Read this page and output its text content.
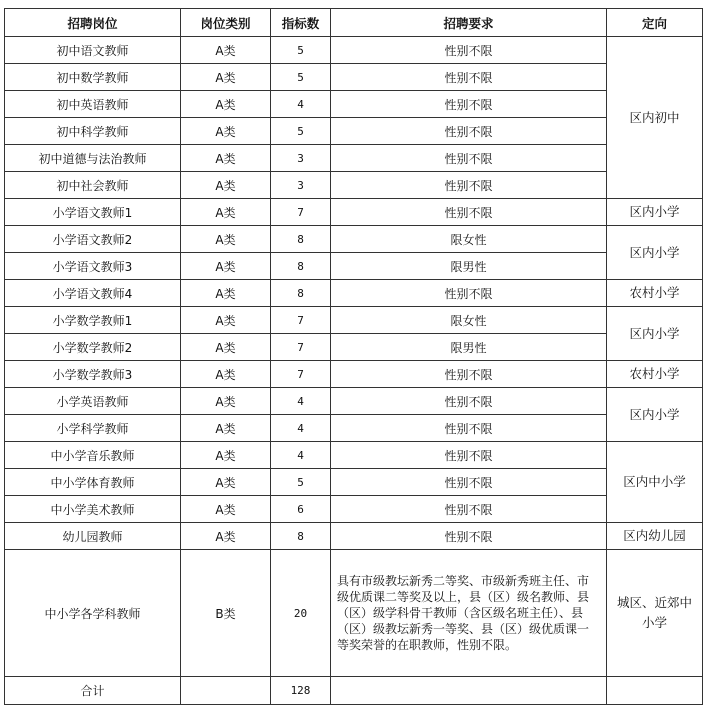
招聘岗位	岗位类别	指标数	招聘要求	定向
初中语文教师	A类	5	性别不限	区内初中
初中数学教师	A类	5	性别不限	
初中英语教师	A类	4	性别不限	
初中科学教师	A类	5	性别不限	
初中道德与法治教师	A类	3	性别不限	
初中社会教师	A类	3	性别不限	
小学语文教师1	A类	7	性别不限	区内小学
小学语文教师2	A类	8	限女性	区内小学
小学语文教师3	A类	8	限男性	
小学语文教师4	A类	8	性别不限	农村小学
小学数学教师1	A类	7	限女性	区内小学
小学数学教师2	A类	7	限男性	
小学数学教师3	A类	7	性别不限	农村小学
小学英语教师	A类	4	性别不限	区内小学
小学科学教师	A类	4	性别不限	
中小学音乐教师	A类	4	性别不限	区内中小学
中小学体育教师	A类	5	性别不限	
中小学美术教师	A类	6	性别不限	
幼儿园教师	A类	8	性别不限	区内幼儿园
中小学各学科教师	B类	20	具有市级教坛新秀二等奖、市级新秀班主任、市级优质课二等奖及以上，县（区）级名教师、县（区）级学科骨干教师（含区级名班主任）、县（区）级教坛新秀一等奖、县（区）级优质课一等奖荣誉的在职教师，性别不限。	城区、近郊中小学
合计		128		
